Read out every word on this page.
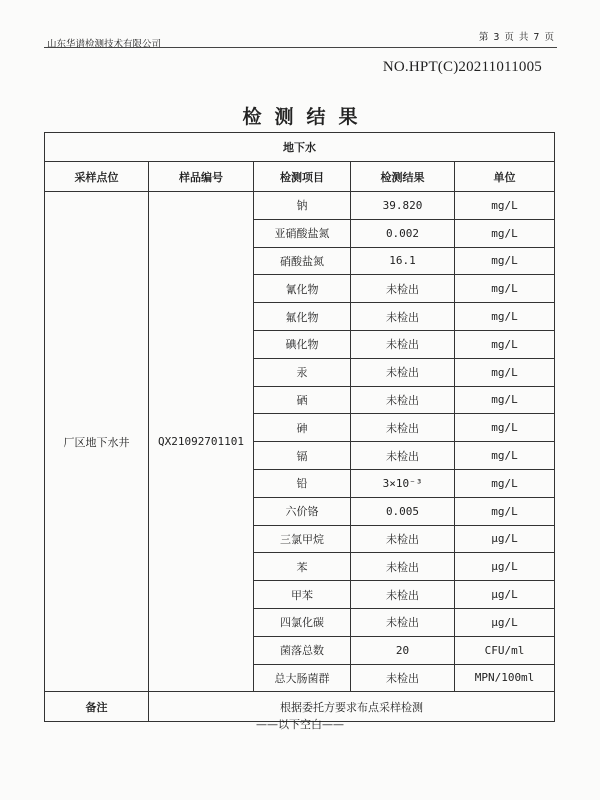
山东华谱检测技术有限公司
第 3 页 共 7 页
NO.HPT(C)20211011005
检测结果
地下水				
采样点位	样品编号	检测项目	检测结果	单位
厂区地下水井	QX21092701101	钠	39.820	mg/L
		亚硝酸盐氮	0.002	mg/L
		硝酸盐氮	16.1	mg/L
		氰化物	未检出	mg/L
		氟化物	未检出	mg/L
		碘化物	未检出	mg/L
		汞	未检出	mg/L
		硒	未检出	mg/L
		砷	未检出	mg/L
		镉	未检出	mg/L
		铅	3×10⁻³	mg/L
		六价铬	0.005	mg/L
		三氯甲烷	未检出	μg/L
		苯	未检出	μg/L
		甲苯	未检出	μg/L
		四氯化碳	未检出	μg/L
		菌落总数	20	CFU/ml
		总大肠菌群	未检出	MPN/100ml
备注	根据委托方要求布点采样检测			
——以下空白——
